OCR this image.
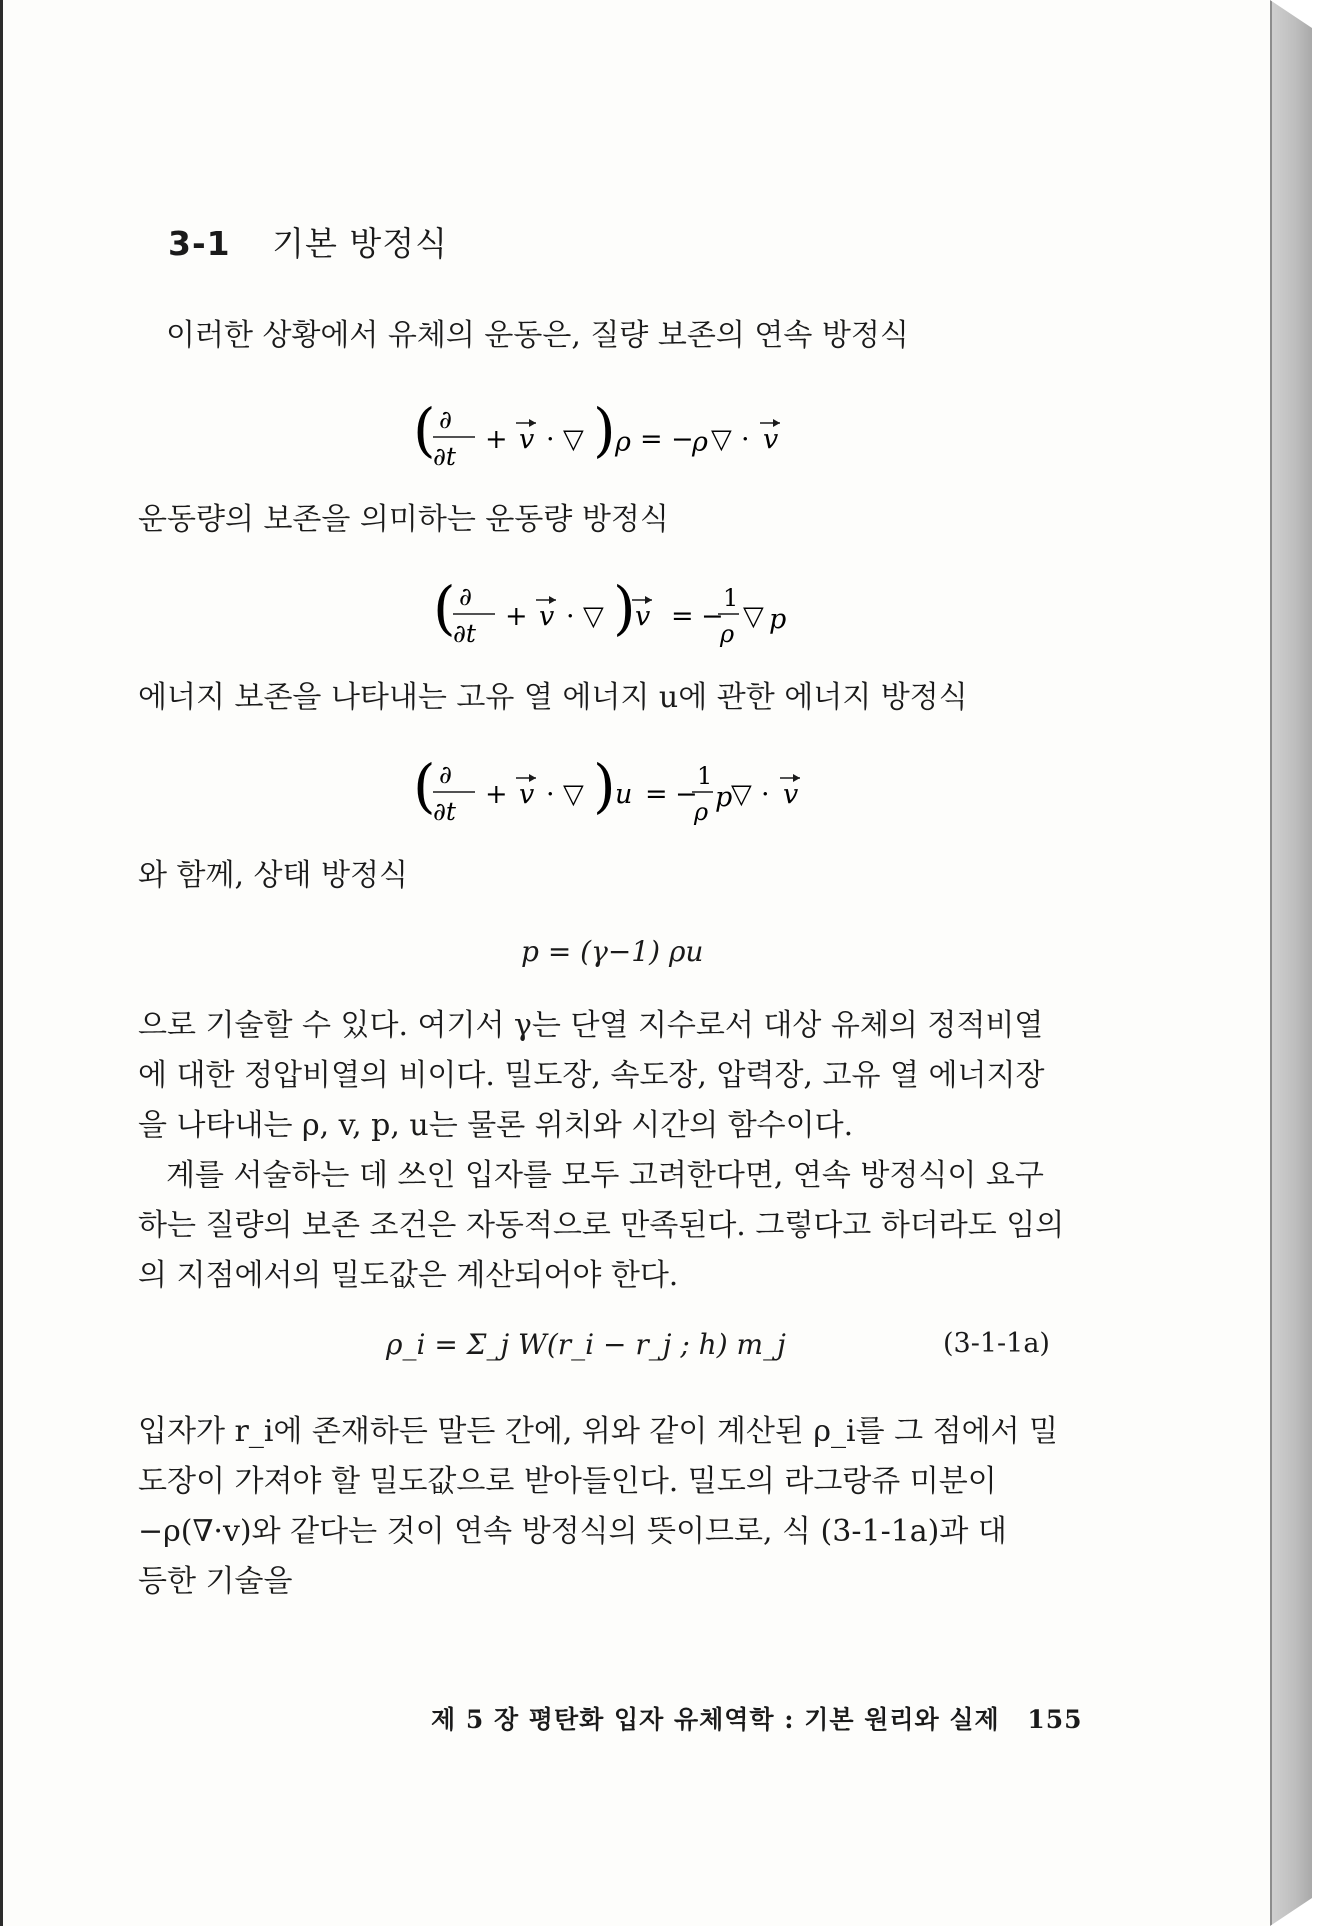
3-1 기본 방정식
이러한 상황에서 유체의 운동은, 질량 보존의 연속 방정식
( ∂
∂t
+ v · ▽ ) ρ = −
ρ ▽ · v
운동량의 보존을 의미하는 운동량 방정식
( ∂
∂t
+ v · ▽ ) v = −
1
ρ
▽ p
에너지 보존을 나타내는 고유 열 에너지 u에 관한 에너지 방정식
( ∂
∂t
+ v · ▽ ) u = −
1
ρ p
▽ · v
와 함께, 상태 방정식
p = (γ−1) ρu
으로 기술할 수 있다. 여기서 γ는 단열 지수로서 대상 유체의 정적비열
에 대한 정압비열의 비이다. 밀도장, 속도장, 압력장, 고유 열 에너지장
을 나타내는 ρ, v, p, u는 물론 위치와 시간의 함수이다.
계를 서술하는 데 쓰인 입자를 모두 고려한다면, 연속 방정식이 요구
하는 질량의 보존 조건은 자동적으로 만족된다. 그렇다고 하더라도 임의
의 지점에서의 밀도값은 계산되어야 한다.
ρ_i = Σ_j W(r_i − r_j ; h) m_j	(3-1-1a)
입자가 r_i에 존재하든 말든 간에, 위와 같이 계산된 ρ_i를 그 점에서 밀
도장이 가져야 할 밀도값으로 받아들인다. 밀도의 라그랑쥬 미분이
−ρ(∇·v)와 같다는 것이 연속 방정식의 뜻이므로, 식 (3-1-1a)과 대
등한 기술을
제 5 장 평탄화 입자 유체역학 : 기본 원리와 실제 155
